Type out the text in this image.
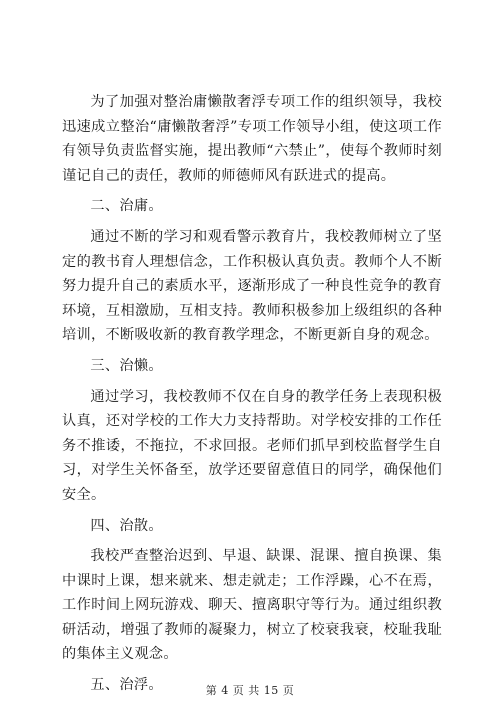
为了加强对整治庸懒散奢浮专项工作的组织领导，我校迅速成立整治“庸懒散奢浮”专项工作领导小组，使这项工作有领导负责监督实施，提出教师“六禁止”，使每个教师时刻谨记自己的责任，教师的师德师风有跃进式的提高。

二、治庸。

通过不断的学习和观看警示教育片，我校教师树立了坚定的教书育人理想信念，工作积极认真负责。教师个人不断努力提升自己的素质水平，逐渐形成了一种良性竞争的教育环境，互相激励，互相支持。教师积极参加上级组织的各种培训，不断吸收新的教育教学理念，不断更新自身的观念。

三、治懒。

通过学习，我校教师不仅在自身的教学任务上表现积极认真，还对学校的工作大力支持帮助。对学校安排的工作任务不推诿，不拖拉，不求回报。老师们抓早到校监督学生自习，对学生关怀备至，放学还要留意值日的同学，确保他们安全。

四、治散。

我校严查整治迟到、早退、缺课、混课、擅自换课、集中课时上课，想来就来、想走就走；工作浮躁，心不在焉，工作时间上网玩游戏、聊天、擅离职守等行为。通过组织教研活动，增强了教师的凝聚力，树立了校衰我衰，校耻我耻的集体主义观念。

五、治浮。	第 4 页 共 15 页
